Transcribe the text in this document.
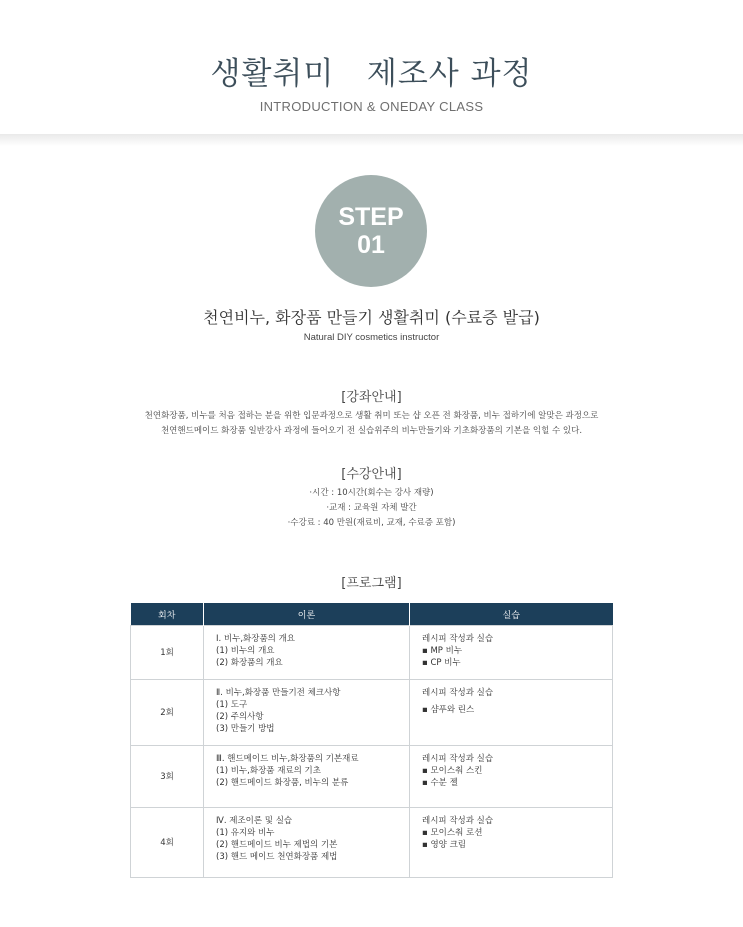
생활취미   제조사 과정
INTRODUCTION & ONEDAY CLASS
STEP
01
천연비누, 화장품 만들기 생활취미 (수료증 발급)
Natural DIY cosmetics instructor
[강좌안내]
천연화장품, 비누를 처음 접하는 분을 위한 입문과정으로 생활 취미 또는 샵 오픈 전 화장품, 비누 접하기에 알맞은 과정으로
천연핸드메이드 화장품 일반강사 과정에 들어오기 전 실습위주의 비누만들기와 기초화장품의 기본을 익힐 수 있다.
[수강안내]
·시간 : 10시간(회수는 강사 재량)
·교재 : 교육원 자체 발간
·수강료 : 40 만원(재료비, 교재, 수료증 포함)
[프로그램]
회차	이론	실습
1회	Ⅰ. 비누,화장품의 개요
(1) 비누의 개요
(2) 화장품의 개요	레시피 작성과 실습
▪ MP 비누
▪ CP 비누

2회	Ⅱ. 비누,화장품 만들기전 체크사항
(1) 도구
(2) 주의사항
(3) 만들기 방법	레시피 작성과 실습
▪ 샴푸와 린스

3회	Ⅲ. 핸드메이드 비누,화장품의 기본재료
(1) 비누,화장품 재료의 기초
(2) 핸드메이드 화장품, 비누의 분류	레시피 작성과 실습
▪ 모이스춰 스킨
▪ 수분 젤

4회	Ⅳ. 제조이론 및 실습
(1) 유지와 비누
(2) 핸드메이드 비누 제법의 기본
(3) 핸드 메이드 천연화장품 제법	레시피 작성과 실습
▪ 모이스춰 로션
▪ 영양 크림
